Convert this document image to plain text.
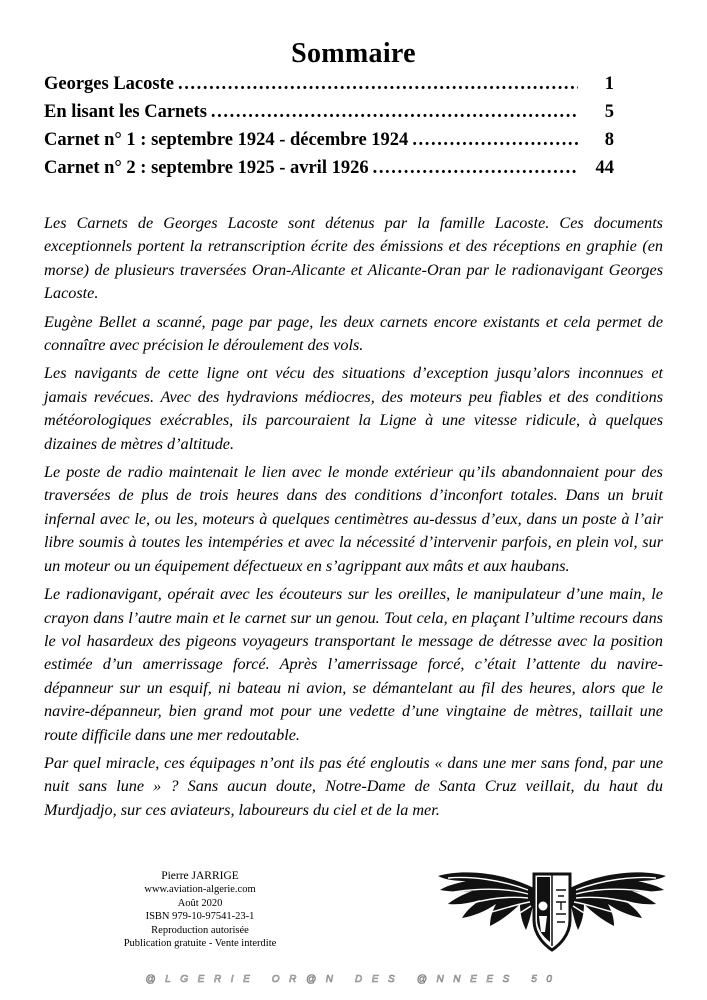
Sommaire
Georges Lacoste .....	1
En lisant les Carnets .....	5
Carnet n° 1 : septembre 1924 - décembre 1924 .....	8
Carnet n° 2 : septembre 1925 - avril 1926 .....	44

Les Carnets de Georges Lacoste sont détenus par la famille Lacoste. Ces documents exceptionnels portent la retranscription écrite des émissions et des réceptions en graphie (en morse) de plusieurs traversées Oran-Alicante et Alicante-Oran par le radionavigant Georges Lacoste.

Eugène Bellet a scanné, page par page, les deux carnets encore existants et cela permet de connaître avec précision le déroulement des vols.

Les navigants de cette ligne ont vécu des situations d’exception jusqu’alors inconnues et jamais revécues. Avec des hydravions médiocres, des moteurs peu fiables et des conditions météorologiques exécrables, ils parcouraient la Ligne à une vitesse ridicule, à quelques dizaines de mètres d’altitude.

Le poste de radio maintenait le lien avec le monde extérieur qu’ils abandonnaient pour des traversées de plus de trois heures dans des conditions d’inconfort totales. Dans un bruit infernal avec le, ou les, moteurs à quelques centimètres au-dessus d’eux, dans un poste à l’air libre soumis à toutes les intempéries et avec la nécessité d’intervenir parfois, en plein vol, sur un moteur ou un équipement défectueux en s’agrippant aux mâts et aux haubans.

Le radionavigant, opérait avec les écouteurs sur les oreilles, le manipulateur d’une main, le crayon dans l’autre main et le carnet sur un genou. Tout cela, en plaçant l’ultime recours dans le vol hasardeux des pigeons voyageurs transportant le message de détresse avec la position estimée d’un amerrissage forcé. Après l’amerrissage forcé, c’était l’attente du navire-dépanneur sur un esquif, ni bateau ni avion, se démantelant au fil des heures, alors que le navire-dépanneur, bien grand mot pour une vedette d’une vingtaine de mètres, taillait une route difficile dans une mer redoutable.

Par quel miracle, ces équipages n’ont ils pas été engloutis « dans une mer sans fond, par une nuit sans lune » ? Sans aucun doute, Notre-Dame de Santa Cruz veillait, du haut du Murdjadjo, sur ces aviateurs, laboureurs du ciel et de la mer.

Pierre JARRIGE
www.aviation-algerie.com
Août 2020
ISBN 979-10-97541-23-1
Reproduction autorisée
Publication gratuite - Vente interdite
@LGERIE OR@N DES @NNEES 50
